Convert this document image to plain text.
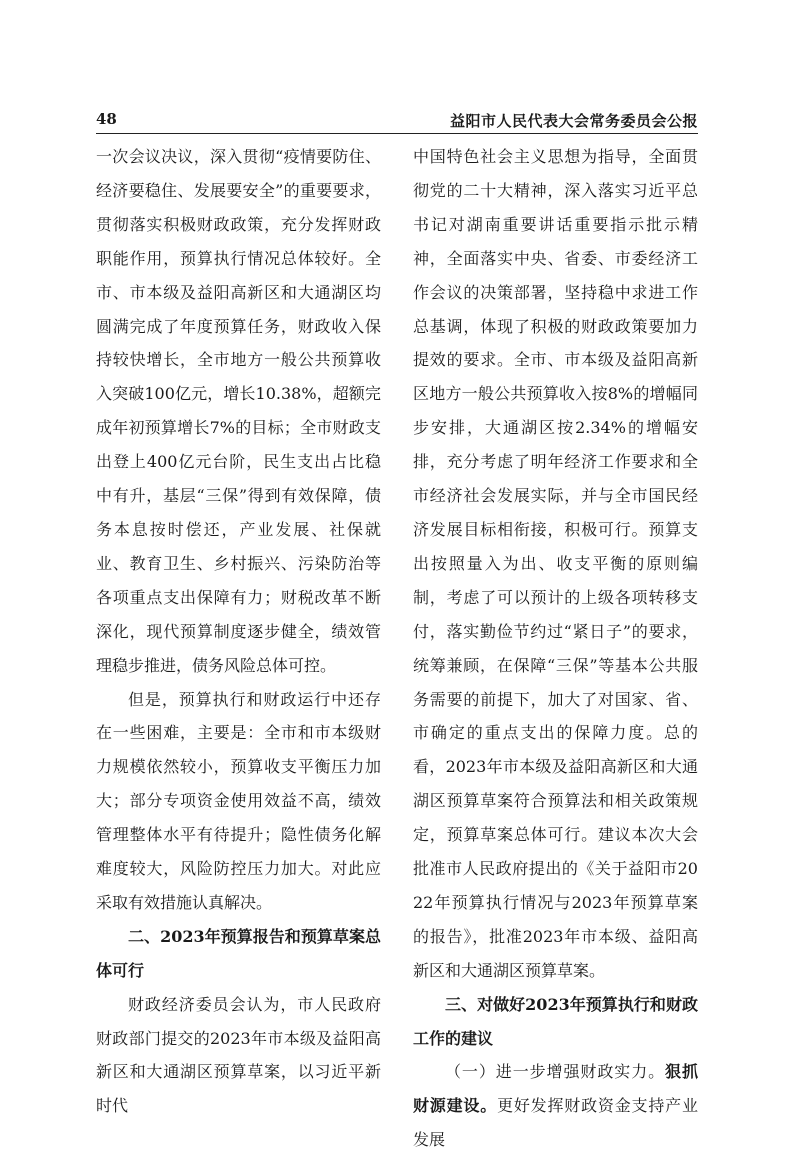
48	益阳市人民代表大会常务委员会公报

一次会议决议，深入贯彻“疫情要防住、经济要稳住、发展要安全”的重要要求，贯彻落实积极财政政策，充分发挥财政职能作用，预算执行情况总体较好。全市、市本级及益阳高新区和大通湖区均圆满完成了年度预算任务，财政收入保持较快增长，全市地方一般公共预算收入突破100亿元，增长10.38%，超额完成年初预算增长7%的目标；全市财政支出登上400亿元台阶，民生支出占比稳中有升，基层“三保”得到有效保障，债务本息按时偿还，产业发展、社保就业、教育卫生、乡村振兴、污染防治等各项重点支出保障有力；财税改革不断深化，现代预算制度逐步健全，绩效管理稳步推进，债务风险总体可控。

但是，预算执行和财政运行中还存在一些困难，主要是：全市和市本级财力规模依然较小，预算收支平衡压力加大；部分专项资金使用效益不高，绩效管理整体水平有待提升；隐性债务化解难度较大，风险防控压力加大。对此应采取有效措施认真解决。

二、2023年预算报告和预算草案总体可行

财政经济委员会认为，市人民政府财政部门提交的2023年市本级及益阳高新区和大通湖区预算草案，以习近平新时代

中国特色社会主义思想为指导，全面贯彻党的二十大精神，深入落实习近平总书记对湖南重要讲话重要指示批示精神，全面落实中央、省委、市委经济工作会议的决策部署，坚持稳中求进工作总基调，体现了积极的财政政策要加力提效的要求。全市、市本级及益阳高新区地方一般公共预算收入按8%的增幅同步安排，大通湖区按2.34%的增幅安排，充分考虑了明年经济工作要求和全市经济社会发展实际，并与全市国民经济发展目标相衔接，积极可行。预算支出按照量入为出、收支平衡的原则编制，考虑了可以预计的上级各项转移支付，落实勤俭节约过“紧日子”的要求，统筹兼顾，在保障“三保”等基本公共服务需要的前提下，加大了对国家、省、市确定的重点支出的保障力度。总的看，2023年市本级及益阳高新区和大通湖区预算草案符合预算法和相关政策规定，预算草案总体可行。建议本次大会批准市人民政府提出的《关于益阳市2022年预算执行情况与2023年预算草案的报告》，批准2023年市本级、益阳高新区和大通湖区预算草案。

三、对做好2023年预算执行和财政工作的建议

（一）进一步增强财政实力。狠抓财源建设。更好发挥财政资金支持产业发展
